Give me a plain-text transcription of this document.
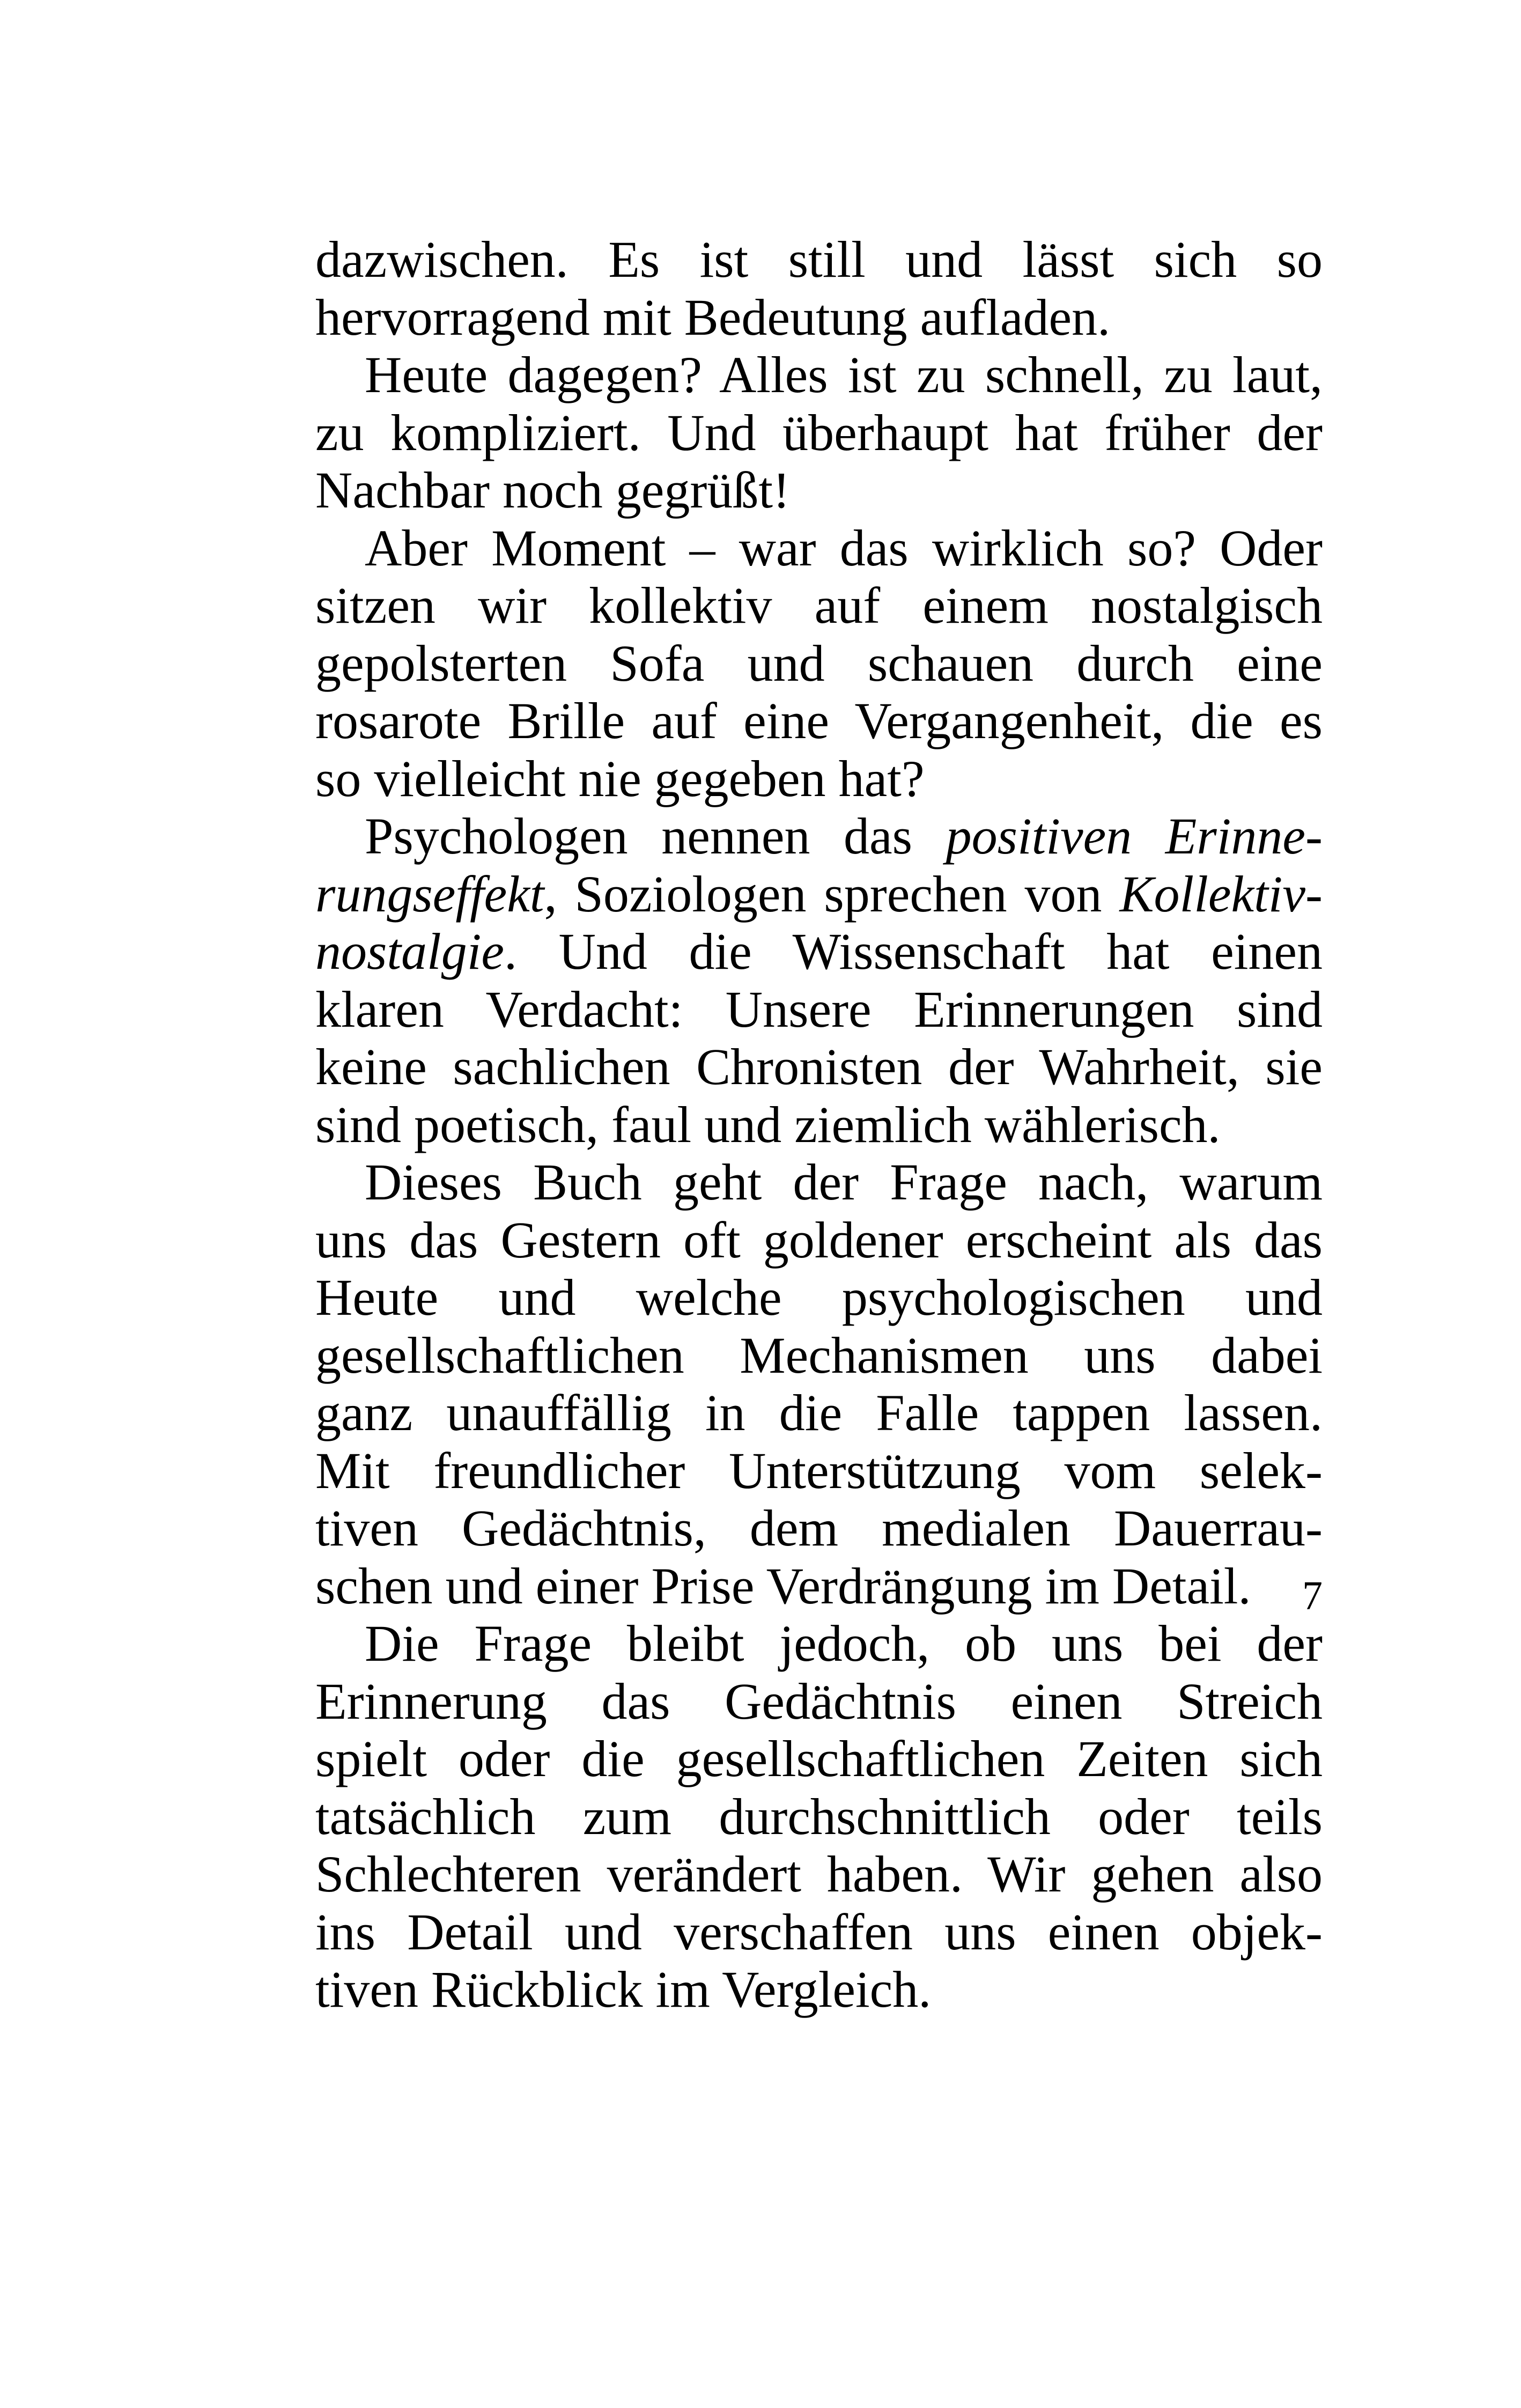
dazwischen. Es ist still und lässt sich so
hervorragend mit Bedeutung aufladen.
Heute dagegen? Alles ist zu schnell, zu laut,
zu kompliziert. Und überhaupt hat früher der
Nachbar noch gegrüßt!
Aber Moment – war das wirklich so? Oder
sitzen wir kollektiv auf einem nostalgisch
gepolsterten Sofa und schauen durch eine
rosarote Brille auf eine Vergangenheit, die es
so vielleicht nie gegeben hat?
Psychologen nennen das positiven Erinne-
rungseffekt, Soziologen sprechen von Kollektiv-
nostalgie. Und die Wissenschaft hat einen
klaren Verdacht: Unsere Erinnerungen sind
keine sachlichen Chronisten der Wahrheit, sie
sind poetisch, faul und ziemlich wählerisch.
Dieses Buch geht der Frage nach, warum
uns das Gestern oft goldener erscheint als das
Heute und welche psychologischen und
gesellschaftlichen Mechanismen uns dabei
ganz unauffällig in die Falle tappen lassen.
Mit freundlicher Unterstützung vom selek-
tiven Gedächtnis, dem medialen Dauerrau-
schen und einer Prise Verdrängung im Detail.
Die Frage bleibt jedoch, ob uns bei der
Erinnerung das Gedächtnis einen Streich
spielt oder die gesellschaftlichen Zeiten sich
tatsächlich zum durchschnittlich oder teils
Schlechteren verändert haben. Wir gehen also
ins Detail und verschaffen uns einen objek-
tiven Rückblick im Vergleich.
7
